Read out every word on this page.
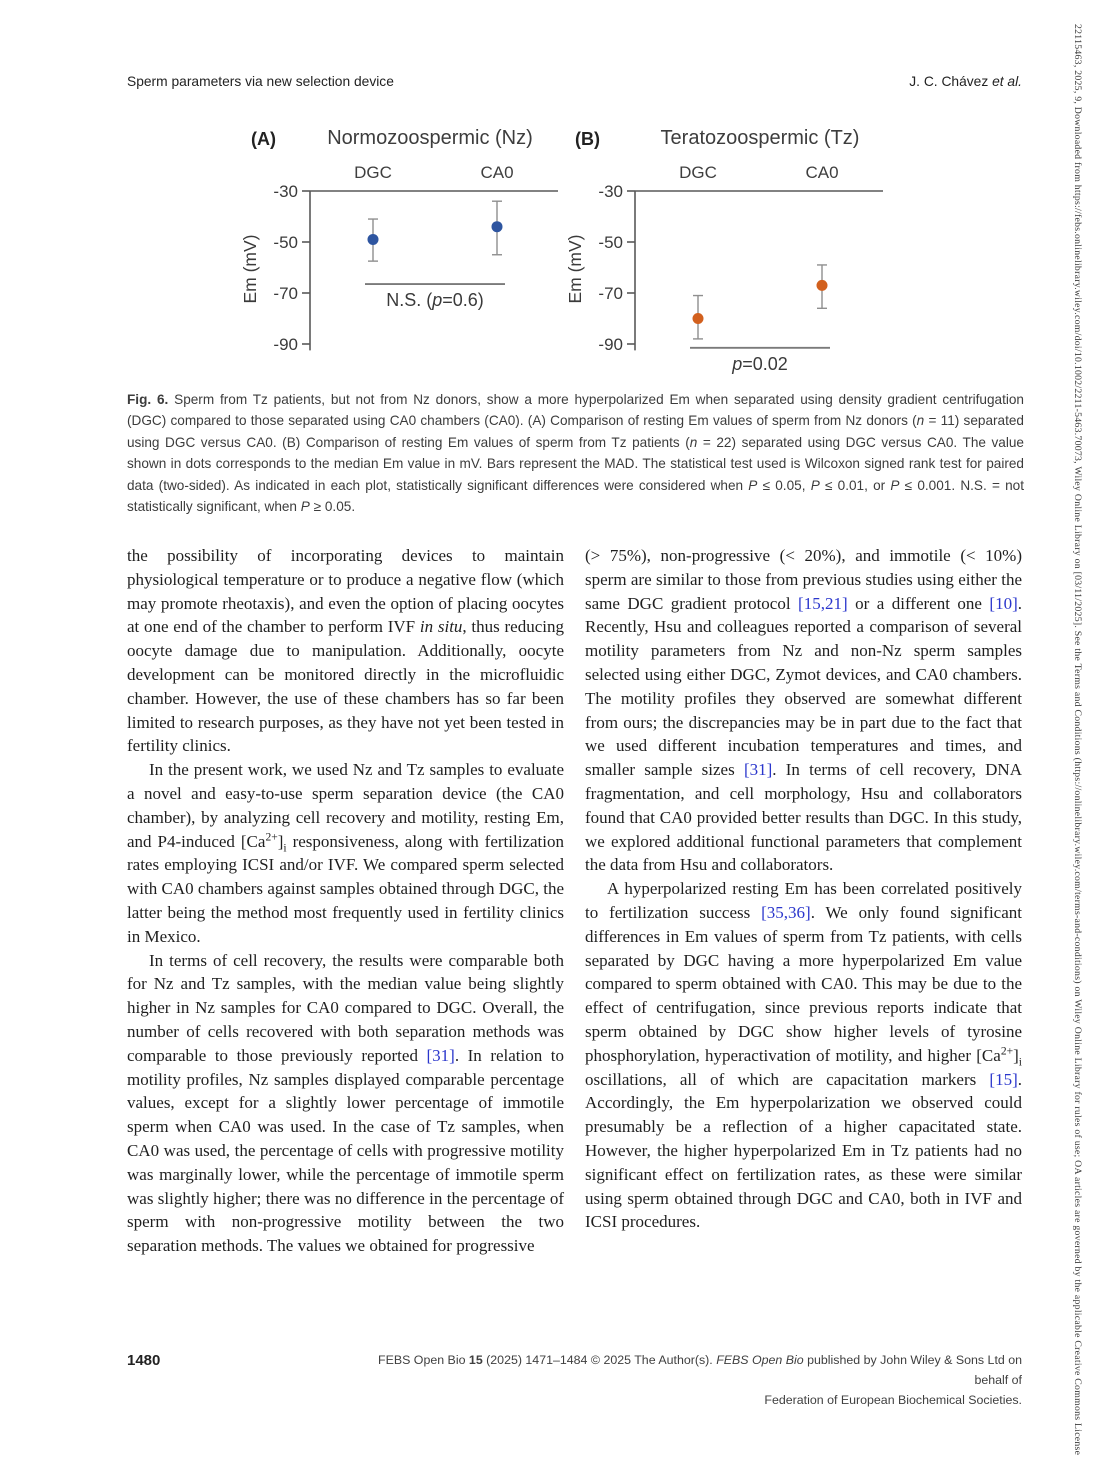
Sperm parameters via new selection device	J. C. Chávez et al.
(A)	Normozoospermic (Nz)	(B)	Teratozoospermic (Tz)
DGC	CA0
-30
-50
-70
-90
Em (mV)	N.S. (p=0.6)
DGC	CA0
-30
-50
-70
-90
Em (mV)
p=0.02
Fig. 6. Sperm from Tz patients, but not from Nz donors, show a more hyperpolarized Em when separated using density gradient centrifugation (DGC) compared to those separated using CA0 chambers (CA0). (A) Comparison of resting Em values of sperm from Nz donors (n = 11) separated using DGC versus CA0. (B) Comparison of resting Em values of sperm from Tz patients (n = 22) separated using DGC versus CA0. The value shown in dots corresponds to the median Em value in mV. Bars represent the MAD. The statistical test used is Wilcoxon signed rank test for paired data (two-sided). As indicated in each plot, statistically significant differences were considered when P ≤ 0.05, P ≤ 0.01, or P ≤ 0.001. N.S. = not statistically significant, when P ≥ 0.05.

the possibility of incorporating devices to maintain physiological temperature or to produce a negative flow (which may promote rheotaxis), and even the option of placing oocytes at one end of the chamber to perform IVF in situ, thus reducing oocyte damage due to manipulation. Additionally, oocyte development can be monitored directly in the microfluidic chamber. However, the use of these chambers has so far been limited to research purposes, as they have not yet been tested in fertility clinics.

In the present work, we used Nz and Tz samples to evaluate a novel and easy-to-use sperm separation device (the CA0 chamber), by analyzing cell recovery and motility, resting Em, and P4-induced $[Ca^{2+}]_i$ responsiveness, along with fertilization rates employing ICSI and/or IVF. We compared sperm selected with CA0 chambers against samples obtained through DGC, the latter being the method most frequently used in fertility clinics in Mexico.

In terms of cell recovery, the results were comparable both for Nz and Tz samples, with the median value being slightly higher in Nz samples for CA0 compared to DGC. Overall, the number of cells recovered with both separation methods was comparable to those previously reported [31]. In relation to motility profiles, Nz samples displayed comparable percentage values, except for a slightly lower percentage of immotile sperm when CA0 was used. In the case of Tz samples, when CA0 was used, the percentage of cells with progressive motility was marginally lower, while the percentage of immotile sperm was slightly higher; there was no difference in the percentage of sperm with non-progressive motility between the two separation methods. The values we obtained for progressive

(> 75%), non-progressive (< 20%), and immotile (< 10%) sperm are similar to those from previous studies using either the same DGC gradient protocol [15,21] or a different one [10]. Recently, Hsu and colleagues reported a comparison of several motility parameters from Nz and non-Nz sperm samples selected using either DGC, Zymot devices, and CA0 chambers. The motility profiles they observed are somewhat different from ours; the discrepancies may be in part due to the fact that we used different incubation temperatures and times, and smaller sample sizes [31]. In terms of cell recovery, DNA fragmentation, and cell morphology, Hsu and collaborators found that CA0 provided better results than DGC. In this study, we explored additional functional parameters that complement the data from Hsu and collaborators.

A hyperpolarized resting Em has been correlated positively to fertilization success [35,36]. We only found significant differences in Em values of sperm from Tz patients, with cells separated by DGC having a more hyperpolarized Em value compared to sperm obtained with CA0. This may be due to the effect of centrifugation, since previous reports indicate that sperm obtained by DGC show higher levels of tyrosine phosphorylation, hyperactivation of motility, and higher $[Ca^{2+}]_i$ oscillations, all of which are capacitation markers [15]. Accordingly, the Em hyperpolarization we observed could presumably be a reflection of a higher capacitated state. However, the higher hyperpolarized Em in Tz patients had no significant effect on fertilization rates, as these were similar using sperm obtained through DGC and CA0, both in IVF and ICSI procedures.

1480	FEBS Open Bio 15 (2025) 1471–1484 © 2025 The Author(s). FEBS Open Bio published by John Wiley & Sons Ltd on behalf of
Federation of European Biochemical Societies.	22115463, 2025, 9, Downloaded from https://febs.onlinelibrary.wiley.com/doi/10.1002/2211-5463.70073, Wiley Online Library on [03/11/2025]. See the Terms and Conditions (https://onlinelibrary.wiley.com/terms-and-conditions) on Wiley Online Library for rules of use; OA articles are governed by the applicable Creative Commons License
